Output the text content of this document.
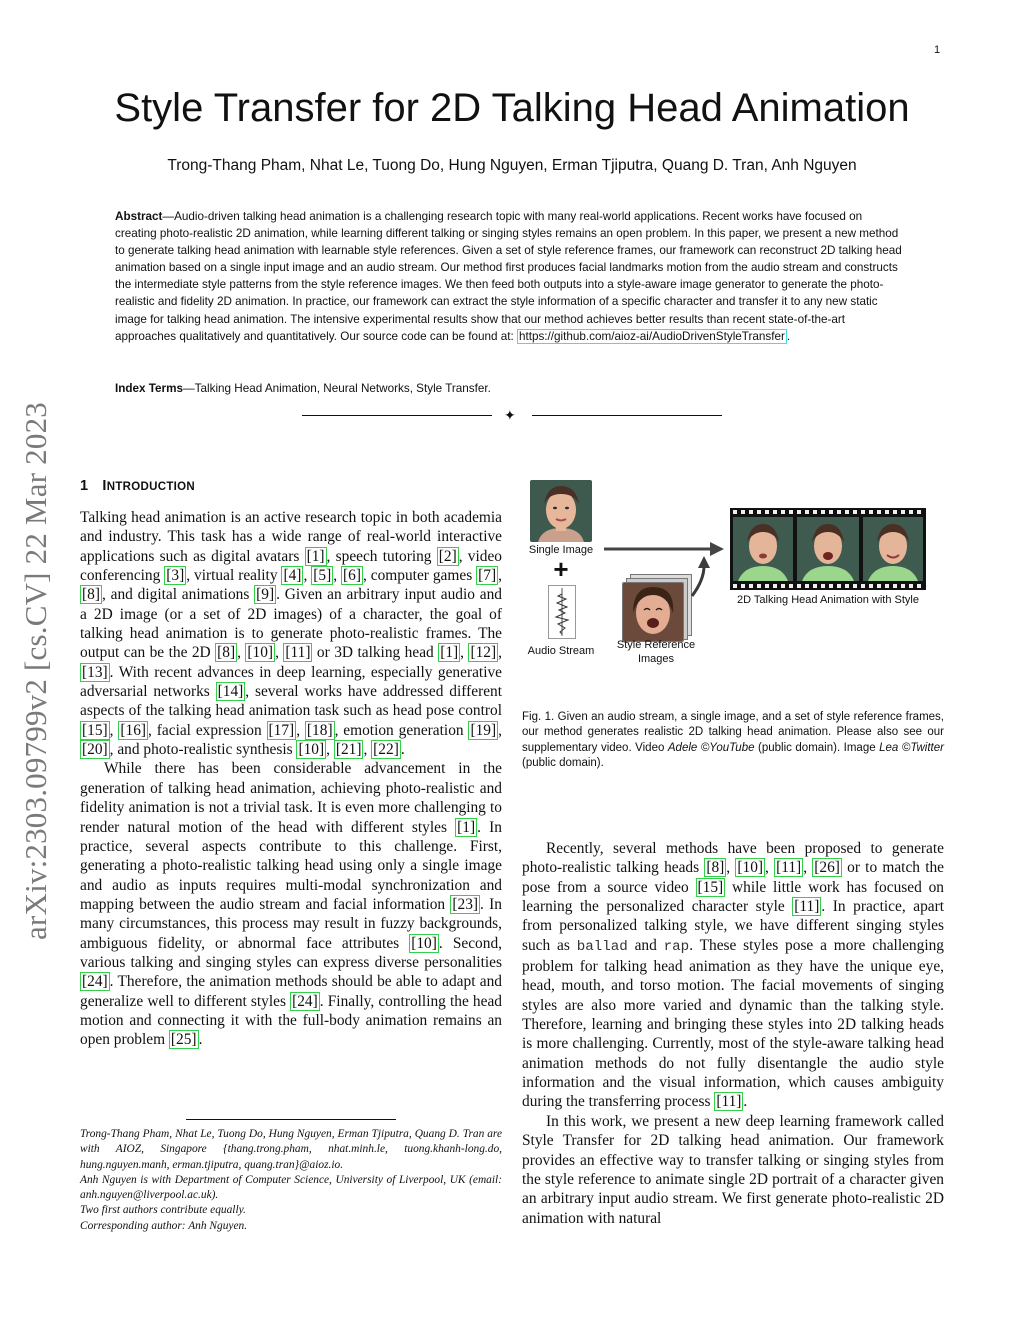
1
arXiv:2303.09799v2 [cs.CV] 22 Mar 2023
Style Transfer for 2D Talking Head Animation
Trong-Thang Pham, Nhat Le, Tuong Do, Hung Nguyen, Erman Tjiputra, Quang D. Tran, Anh Nguyen
Abstract—Audio-driven talking head animation is a challenging research topic with many real-world applications. Recent works have focused on creating photo-realistic 2D animation, while learning different talking or singing styles remains an open problem. In this paper, we present a new method to generate talking head animation with learnable style references. Given a set of style reference frames, our framework can reconstruct 2D talking head animation based on a single input image and an audio stream. Our method first produces facial landmarks motion from the audio stream and constructs the intermediate style patterns from the style reference images. We then feed both outputs into a style-aware image generator to generate the photo-realistic and fidelity 2D animation. In practice, our framework can extract the style information of a specific character and transfer it to any new static image for talking head animation. The intensive experimental results show that our method achieves better results than recent state-of-the-art approaches qualitatively and quantitatively. Our source code can be found at: https://github.com/aioz-ai/AudioDrivenStyleTransfer .
Index Terms—Talking Head Animation, Neural Networks, Style Transfer.
✦
1 INTRODUCTION

Talking head animation is an active research topic in both academia and industry. This task has a wide range of real-world interactive applications such as digital avatars [1] , speech tutoring [2] , video conferencing [3] , virtual reality [4] , [5] , [6] , computer games [7] , [8] , and digital animations [9] . Given an arbitrary input audio and a 2D image (or a set of 2D images) of a character, the goal of talking head animation is to generate photo-realistic frames. The output can be the 2D [8] , [10] , [11] or 3D talking head [1] , [12] , [13] . With recent advances in deep learning, especially generative adversarial networks [14] , several works have addressed different aspects of the talking head animation task such as head pose control [15] , [16] , facial expression [17] , [18] , emotion generation [19] , [20] , and photo-realistic synthesis [10] , [21] , [22] .

While there has been considerable advancement in the generation of talking head animation, achieving photo-realistic and fidelity animation is not a trivial task. It is even more challenging to render natural motion of the head with different styles [1] . In practice, several aspects contribute to this challenge. First, generating a photo-realistic talking head using only a single image and audio as inputs requires multi-modal synchronization and mapping between the audio stream and facial information [23] . In many circumstances, this process may result in fuzzy backgrounds, ambiguous fidelity, or abnormal face attributes [10] . Second, various talking and singing styles can express diverse personalities [24] . Therefore, the animation methods should be able to adapt and generalize well to different styles [24] . Finally, controlling the head motion and connecting it with the full-body animation remains an open problem [25] .

Trong-Thang Pham, Nhat Le, Tuong Do, Hung Nguyen, Erman Tjiputra, Quang D. Tran are with AIOZ, Singapore {thang.trong.pham, nhat.minh.le, tuong.khanh-long.do, hung.nguyen.manh, erman.tjiputra, quang.tran}@aioz.io.

Anh Nguyen is with Department of Computer Science, University of Liverpool, UK (email: anh.nguyen@liverpool.ac.uk).

Two first authors contribute equally.

Corresponding author: Anh Nguyen.

Single Image
+
Audio Stream	Style Reference Images
2D Talking Head Animation with Style
Fig. 1. Given an audio stream, a single image, and a set of style reference frames, our method generates realistic 2D talking head animation. Please also see our supplementary video. Video Adele ©YouTube (public domain). Image Lea ©Twitter (public domain).

Recently, several methods have been proposed to generate photo-realistic talking heads [8] , [10] , [11] , [26] or to match the pose from a source video [15] while little work has focused on learning the personalized character style [11] . In practice, apart from personalized talking style, we have different singing styles such as ballad and rap. These styles pose a more challenging problem for talking head animation as they have the unique eye, head, mouth, and torso motion. The facial movements of singing styles are also more varied and dynamic than the talking style. Therefore, learning and bringing these styles into 2D talking heads is more challenging. Currently, most of the style-aware talking head animation methods do not fully disentangle the audio style information and the visual information, which causes ambiguity during the transferring process [11] .

In this work, we present a new deep learning framework called Style Transfer for 2D talking head animation. Our framework provides an effective way to transfer talking or singing styles from the style reference to animate single 2D portrait of a character given an arbitrary input audio stream. We first generate photo-realistic 2D animation with natural
